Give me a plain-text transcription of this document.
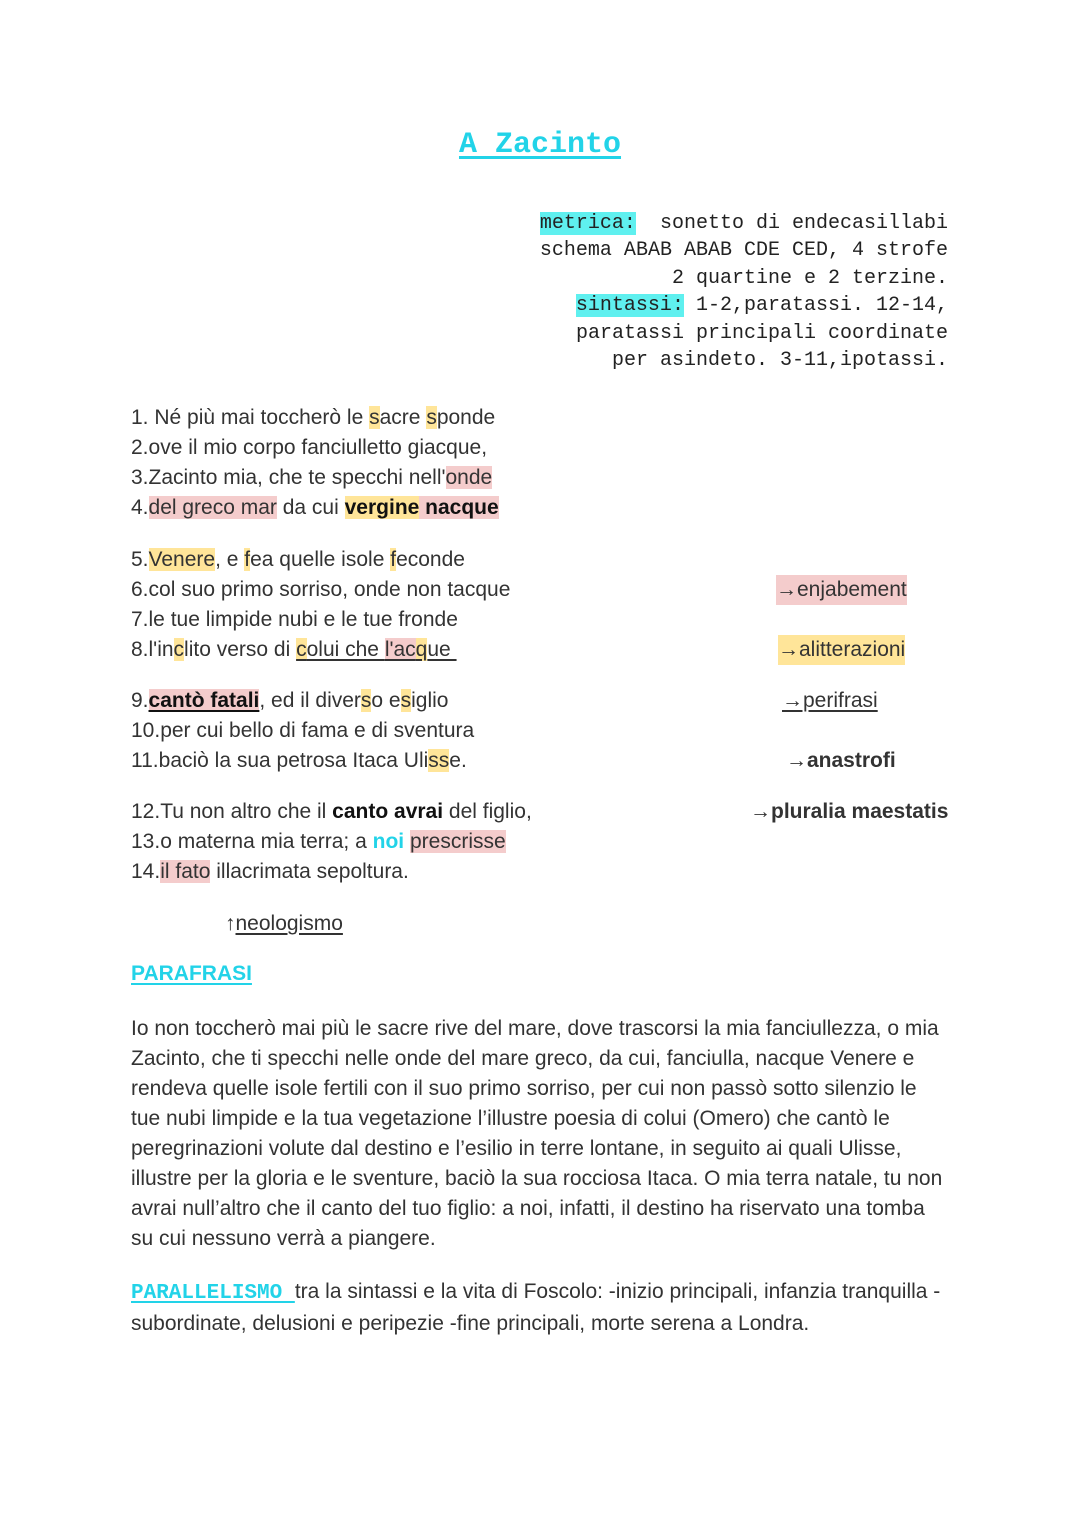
A Zacinto
metrica:  sonetto di endecasillabi
schema ABAB ABAB CDE CED, 4 strofe
2 quartine e 2 terzine.
sintassi: 1-2,paratassi. 12-14,
paratassi principali coordinate
per asindeto. 3-11,ipotassi.
1. Né più mai toccherò le sacre sponde
2.ove il mio corpo fanciulletto giacque,
3.Zacinto mia, che te specchi nell'onde
4.del greco mar da cui vergine nacque
5.Venere, e fea quelle isole feconde
6.col suo primo sorriso, onde non tacque
7.le tue limpide nubi e le tue fronde
8.l'inclito verso di colui che l'acque
9.cantò fatali, ed il diverso esiglio
10.per cui bello di fama e di sventura
11.baciò la sua petrosa Itaca Ulisse.
12.Tu non altro che il canto avrai del figlio,
13.o materna mia terra; a noi prescrisse
14.il fato illacrimata sepoltura.
→enjabement
→alitterazioni
→perifrasi
→anastrofi
→pluralia maestatis
↑neologismo
PARAFRASI
Io non toccherò mai più le sacre rive del mare, dove trascorsi la mia fanciullezza, o mia Zacinto, che ti specchi nelle onde del mare greco, da cui, fanciulla, nacque Venere e rendeva quelle isole fertili con il suo primo sorriso, per cui non passò sotto silenzio le tue nubi limpide e la tua vegetazione l’illustre poesia di colui (Omero) che cantò le peregrinazioni volute dal destino e l’esilio in terre lontane, in seguito ai quali Ulisse, illustre per la gloria e le sventure, baciò la sua rocciosa Itaca. O mia terra natale, tu non avrai null’altro che il canto del tuo figlio: a noi, infatti, il destino ha riservato una tomba su cui nessuno verrà a piangere.
PARALLELISMO tra la sintassi e la vita di Foscolo: -inizio principali, infanzia tranquilla -subordinate, delusioni e peripezie -fine principali, morte serena a Londra.
